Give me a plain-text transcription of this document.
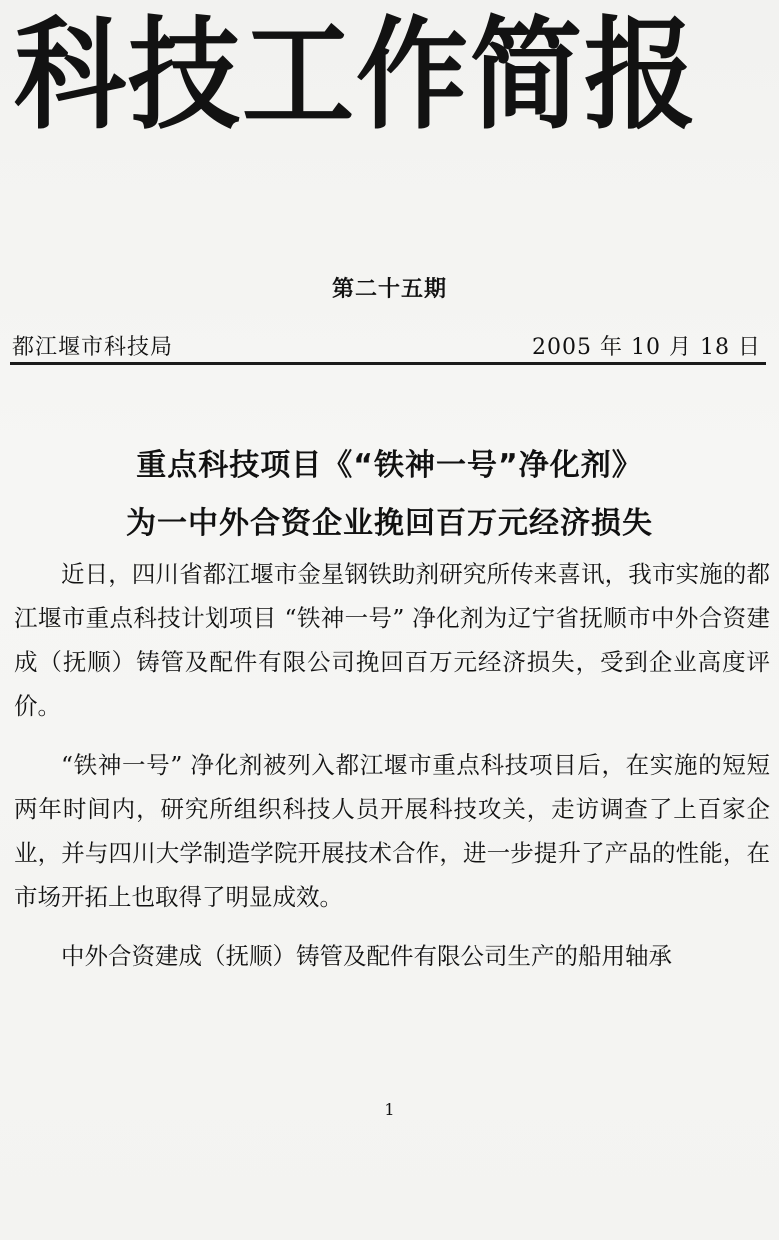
科技工作简报
第二十五期
都江堰市科技局	2005 年 10 月 18 日
重点科技项目《“铁神一号”净化剂》
为一中外合资企业挽回百万元经济损失

近日，四川省都江堰市金星钢铁助剂研究所传来喜讯，我市实施的都江堰市重点科技计划项目 “铁神一号” 净化剂为辽宁省抚顺市中外合资建成（抚顺）铸管及配件有限公司挽回百万元经济损失，受到企业高度评价。

“铁神一号” 净化剂被列入都江堰市重点科技项目后，在实施的短短两年时间内，研究所组织科技人员开展科技攻关，走访调查了上百家企业，并与四川大学制造学院开展技术合作，进一步提升了产品的性能，在市场开拓上也取得了明显成效。

中外合资建成（抚顺）铸管及配件有限公司生产的船用轴承

1
